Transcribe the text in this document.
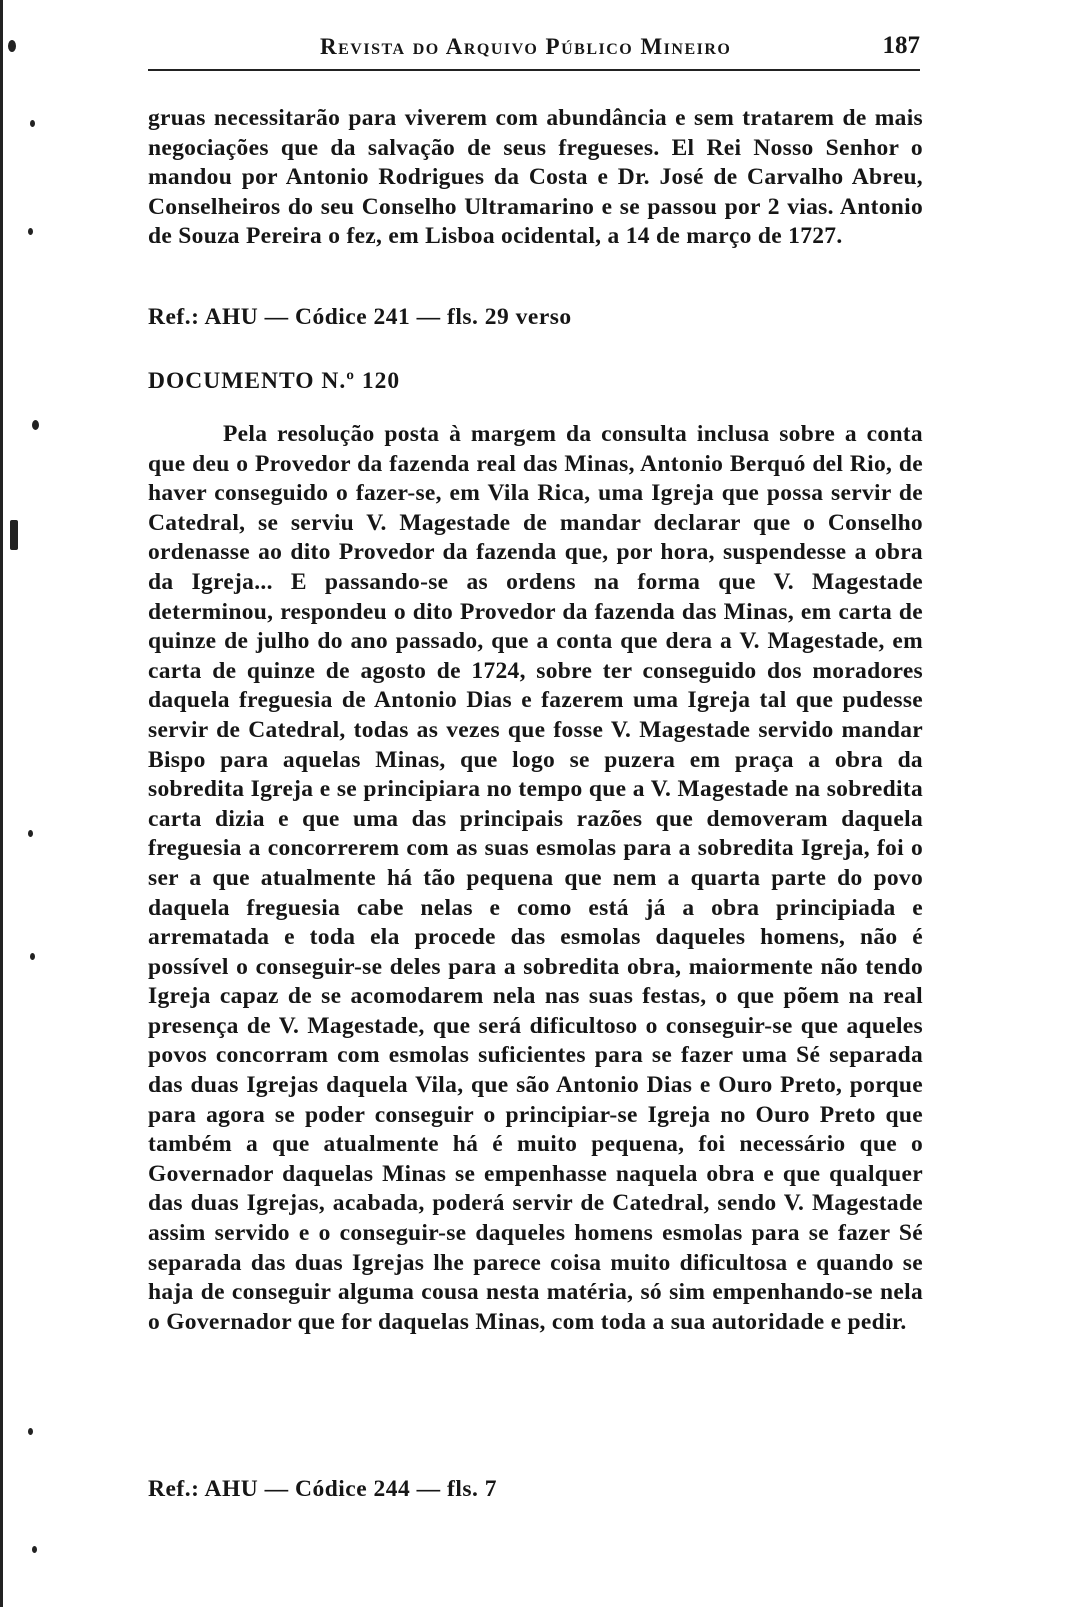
Revista do Arquivo Público Mineiro	187

gruas necessitarão para viverem com abundância e sem tratarem de mais negociações que da salvação de seus fregueses. El Rei Nosso Senhor o mandou por Antonio Rodrigues da Costa e Dr. José de Carvalho Abreu, Conselheiros do seu Conselho Ultramarino e se passou por 2 vias. Antonio de Souza Pereira o fez, em Lisboa ocidental, a 14 de março de 1727.

Ref.: AHU — Códice 241 — fls. 29 verso
DOCUMENTO N.º 120

Pela resolução posta à margem da consulta inclusa sobre a conta que deu o Provedor da fazenda real das Minas, Antonio Berquó del Rio, de haver conseguido o fazer-se, em Vila Rica, uma Igreja que possa servir de Catedral, se serviu V. Magestade de mandar declarar que o Conselho ordenasse ao dito Provedor da fazenda que, por hora, suspendesse a obra da Igreja... E passando-se as ordens na forma que V. Magestade determinou, respondeu o dito Provedor da fazenda das Minas, em carta de quinze de julho do ano passado, que a conta que dera a V. Magestade, em carta de quinze de agosto de 1724, sobre ter conseguido dos moradores daquela freguesia de Antonio Dias e fazerem uma Igreja tal que pudesse servir de Catedral, todas as vezes que fosse V. Magestade servido mandar Bispo para aquelas Minas, que logo se puzera em praça a obra da sobredita Igreja e se principiara no tempo que a V. Magestade na sobredita carta dizia e que uma das principais razões que demoveram daquela freguesia a concorrerem com as suas esmolas para a sobredita Igreja, foi o ser a que atualmente há tão pequena que nem a quarta parte do povo daquela freguesia cabe nelas e como está já a obra principiada e arrematada e toda ela procede das esmolas daqueles homens, não é possível o conseguir-se deles para a sobredita obra, maiormente não tendo Igreja capaz de se acomodarem nela nas suas festas, o que põem na real presença de V. Magestade, que será dificultoso o conseguir-se que aqueles povos concorram com esmolas suficientes para se fazer uma Sé separada das duas Igrejas daquela Vila, que são Antonio Dias e Ouro Preto, porque para agora se poder conseguir o principiar-se Igreja no Ouro Preto que também a que atualmente há é muito pequena, foi necessário que o Governador daquelas Minas se empenhasse naquela obra e que qualquer das duas Igrejas, acabada, poderá servir de Catedral, sendo V. Magestade assim servido e o conseguir-se daqueles homens esmolas para se fazer Sé separada das duas Igrejas lhe parece coisa muito dificultosa e quando se haja de conseguir alguma cousa nesta matéria, só sim empenhando-se nela o Governador que for daquelas Minas, com toda a sua autoridade e pedir.

Ref.: AHU — Códice 244 — fls. 7
